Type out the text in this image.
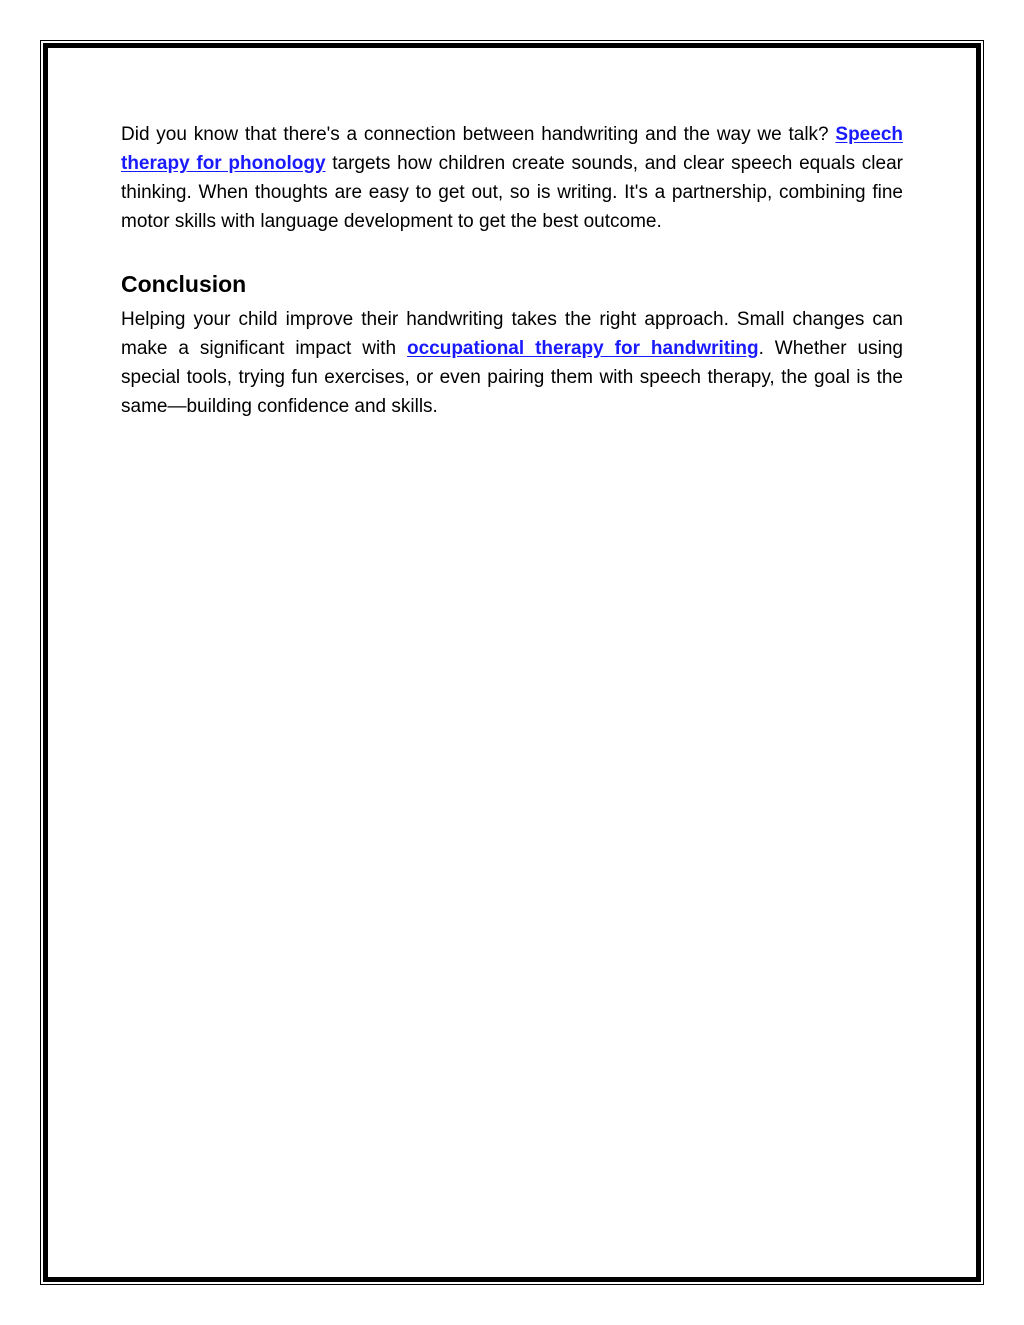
Did you know that there's a connection between handwriting and the way we talk? Speech therapy for phonology targets how children create sounds, and clear speech equals clear thinking. When thoughts are easy to get out, so is writing. It's a partnership, combining fine motor skills with language development to get the best outcome.

Conclusion

Helping your child improve their handwriting takes the right approach. Small changes can make a significant impact with occupational therapy for handwriting. Whether using special tools, trying fun exercises, or even pairing them with speech therapy, the goal is the same—building confidence and skills.
